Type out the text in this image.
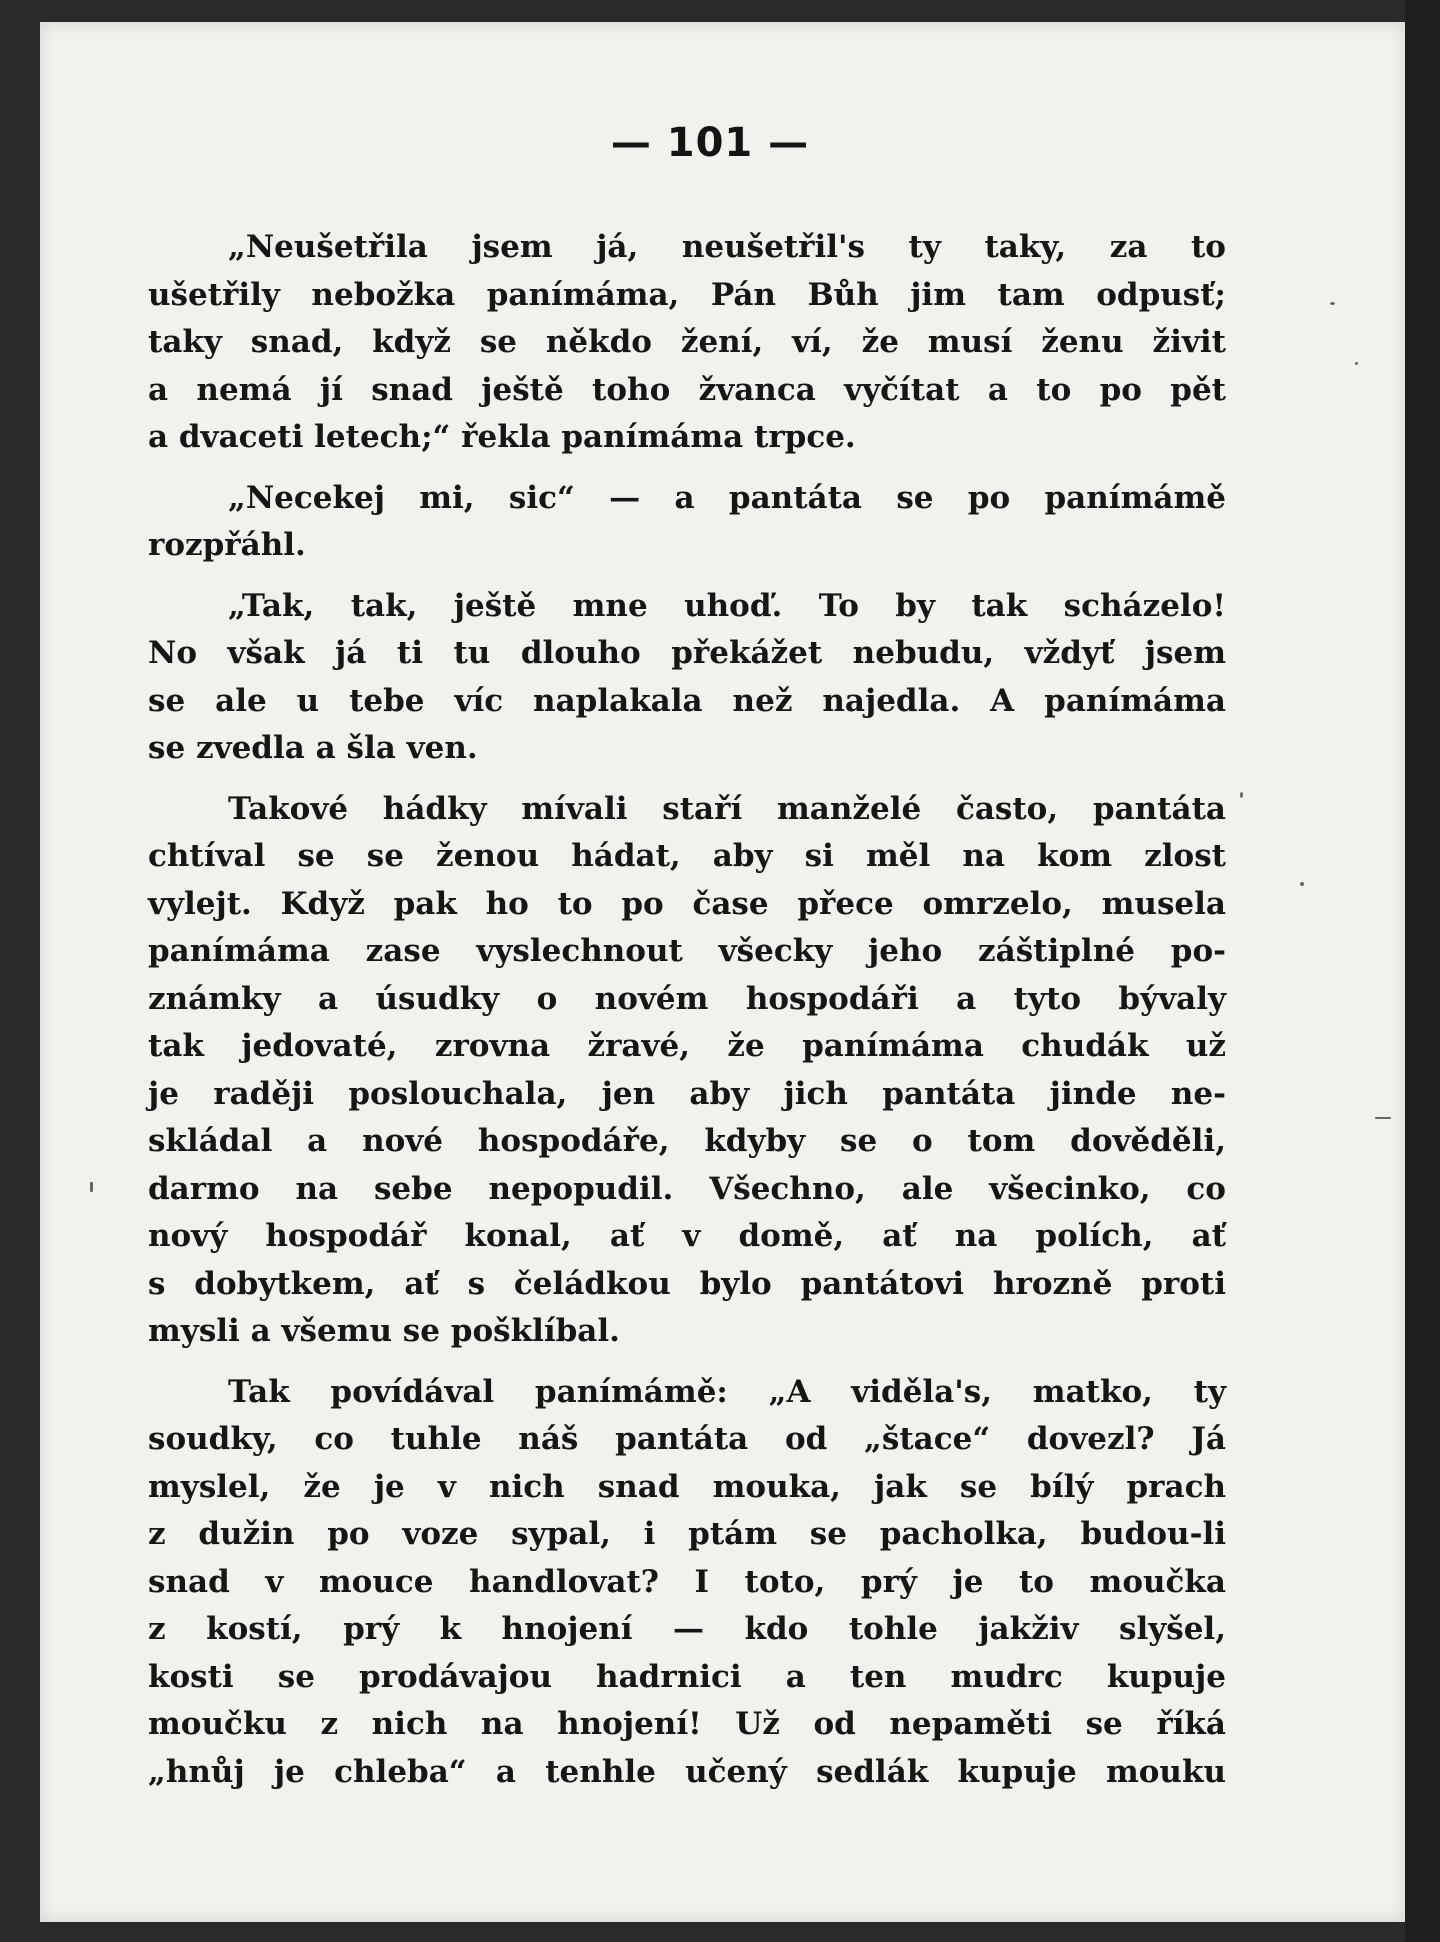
— 101 —
„Neušetřila jsem já, neušetřil's ty taky, za to
ušetřily nebožka panímáma, Pán Bůh jim tam odpusť;
taky snad, když se někdo žení, ví, že musí ženu živit
a nemá jí snad ještě toho žvanca vyčítat a to po pět
a dvaceti letech;“ řekla panímáma trpce.
„Necekej mi, sic“ — a pantáta se po panímámě
rozpřáhl.
„Tak, tak, ještě mne uhoď. To by tak scházelo!
No však já ti tu dlouho překážet nebudu, vždyť jsem
se ale u tebe víc naplakala než najedla. A panímáma
se zvedla a šla ven.
Takové hádky mívali staří manželé často, pantáta
chtíval se se ženou hádat, aby si měl na kom zlost
vylejt. Když pak ho to po čase přece omrzelo, musela
panímáma zase vyslechnout všecky jeho záštiplné po-
známky a úsudky o novém hospodáři a tyto bývaly
tak jedovaté, zrovna žravé, že panímáma chudák už
je raději poslouchala, jen aby jich pantáta jinde ne-
skládal a nové hospodáře, kdyby se o tom dověděli,
darmo na sebe nepopudil. Všechno, ale všecinko, co
nový hospodář konal, ať v domě, ať na polích, ať
s dobytkem, ať s čeládkou bylo pantátovi hrozně proti
mysli a všemu se pošklíbal.
Tak povídával panímámě: „A viděla's, matko, ty
soudky, co tuhle náš pantáta od „štace“ dovezl? Já
myslel, že je v nich snad mouka, jak se bílý prach
z dužin po voze sypal, i ptám se pacholka, budou-li
snad v mouce handlovat? I toto, prý je to moučka
z kostí, prý k hnojení — kdo tohle jakživ slyšel,
kosti se prodávajou hadrnici a ten mudrc kupuje
moučku z nich na hnojení! Už od nepaměti se říká
„hnůj je chleba“ a tenhle učený sedlák kupuje mouku
